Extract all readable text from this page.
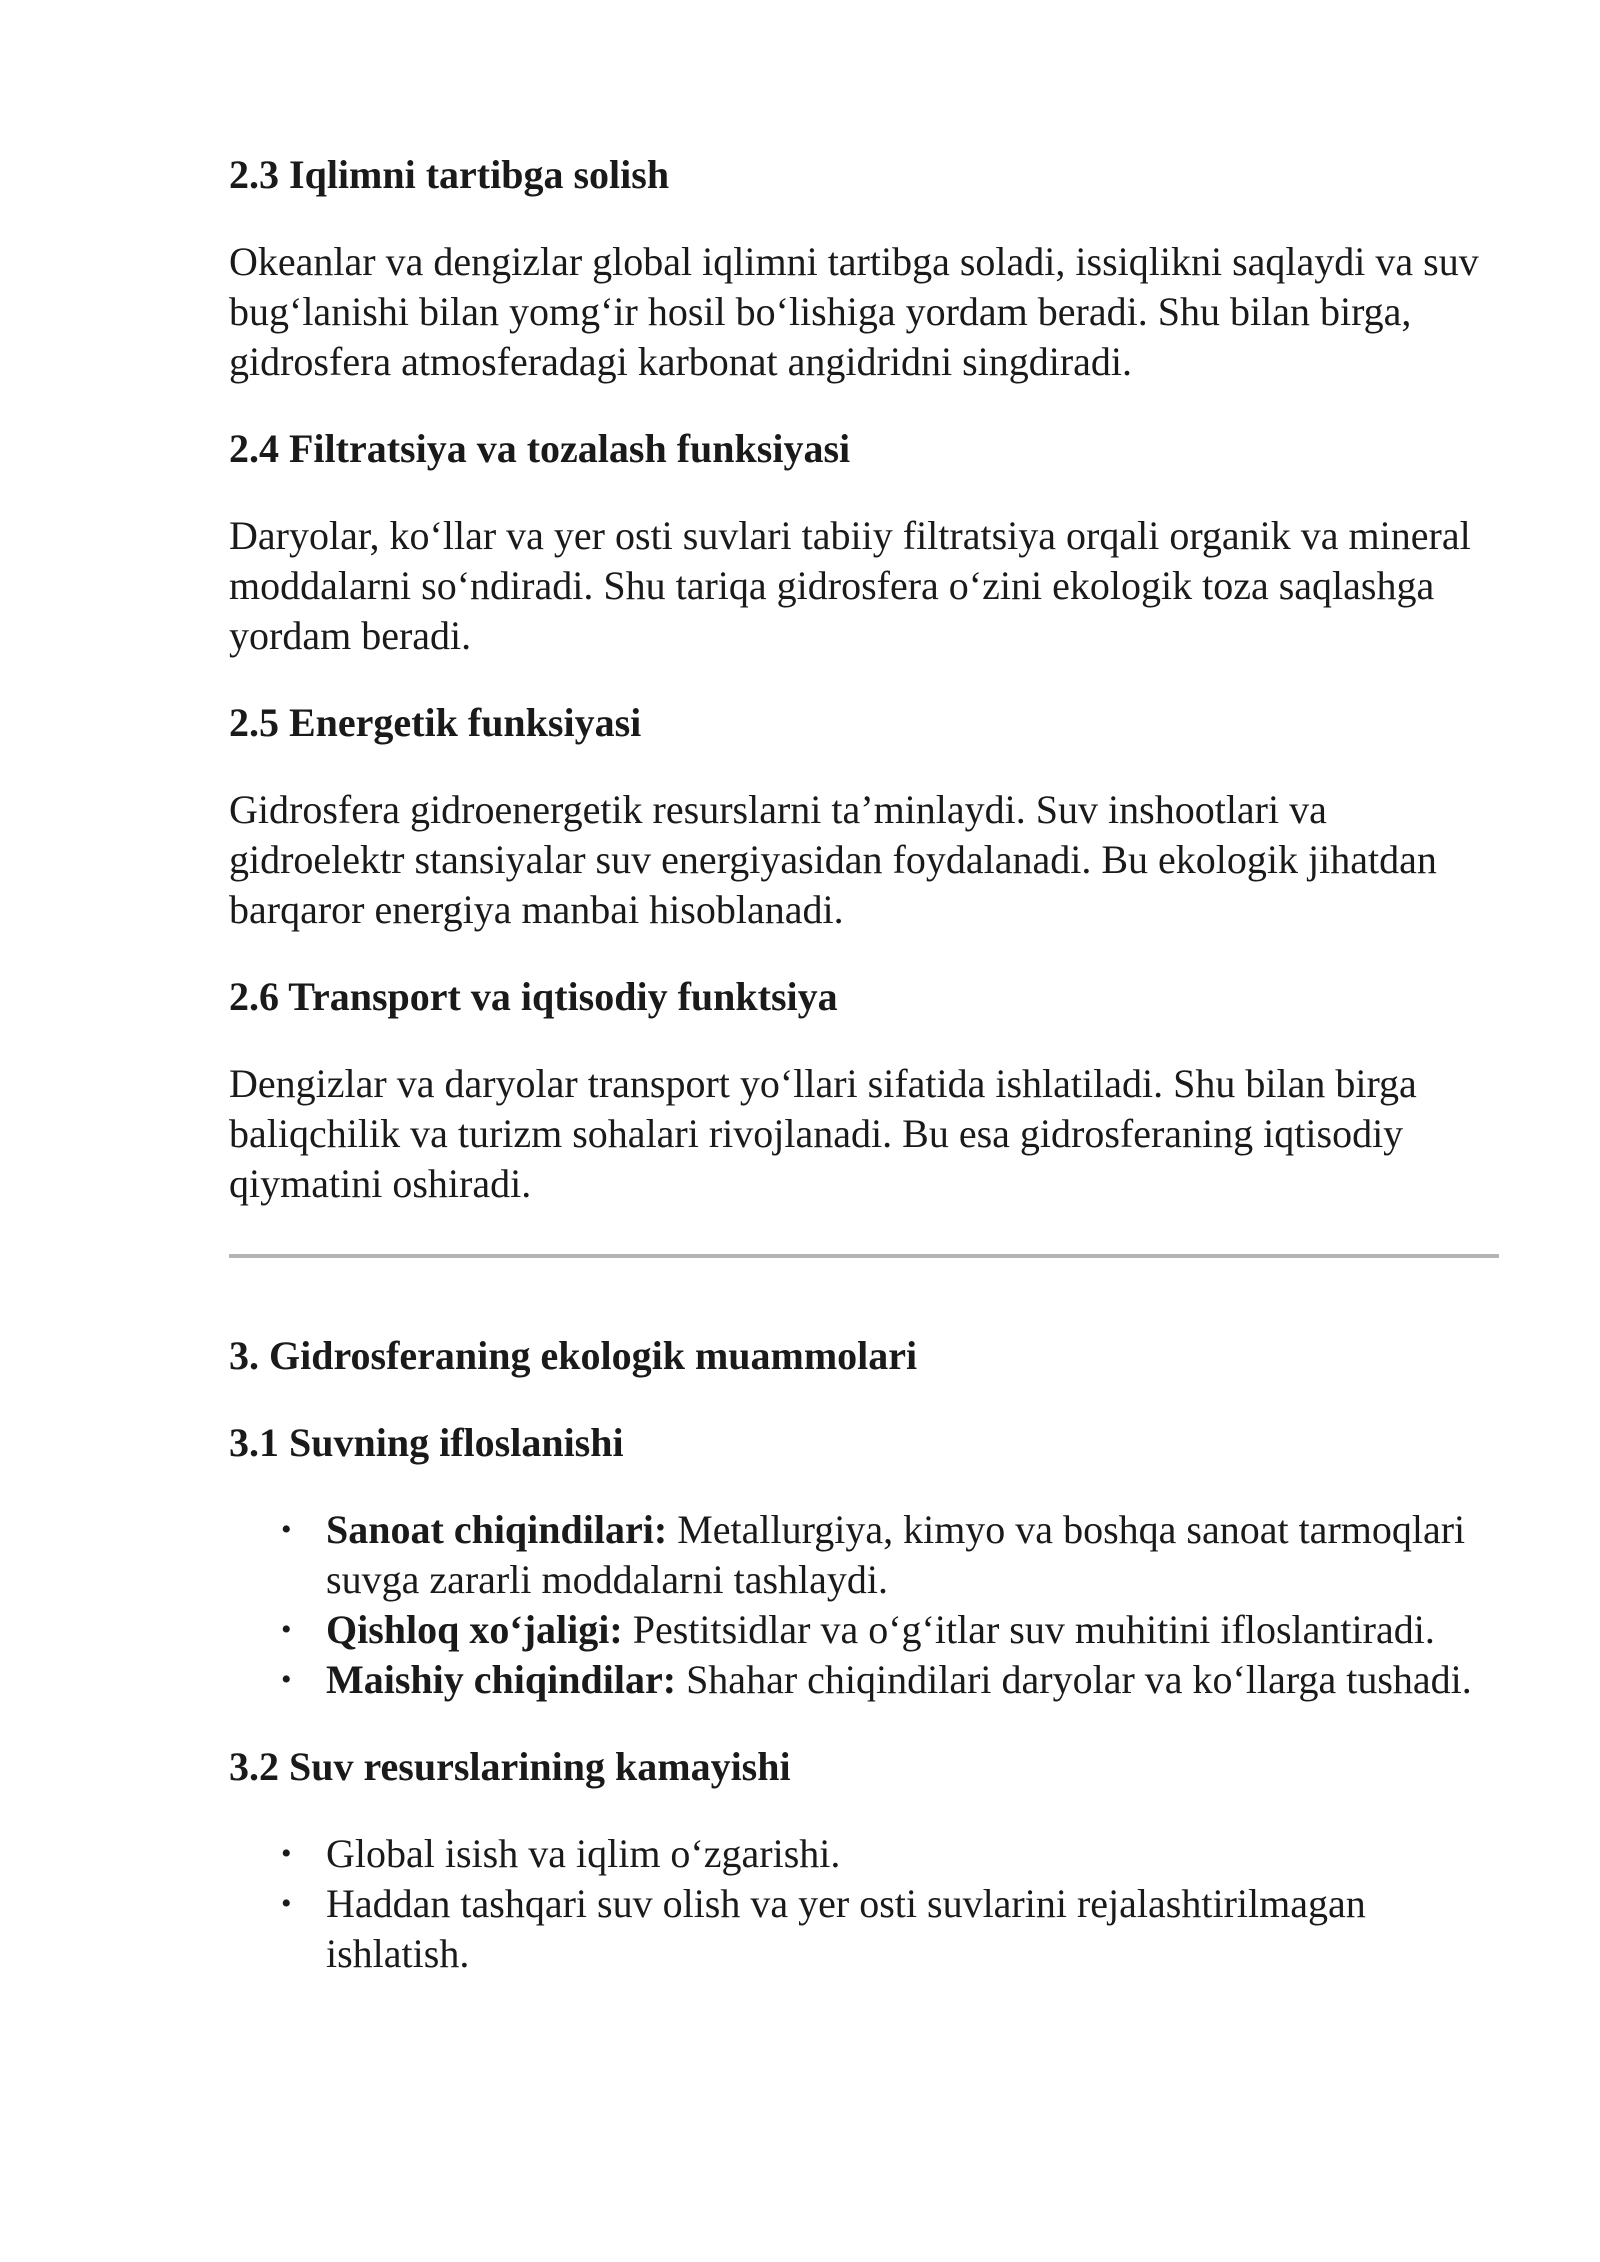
2.3 Iqlimni tartibga solish

Okeanlar va dengizlar global iqlimni tartibga soladi, issiqlikni saqlaydi va suv bug‘lanishi bilan yomg‘ir hosil bo‘lishiga yordam beradi. Shu bilan birga, gidrosfera atmosferadagi karbonat angidridni singdiradi.

2.4 Filtratsiya va tozalash funksiyasi

Daryolar, ko‘llar va yer osti suvlari tabiiy filtratsiya orqali organik va mineral moddalarni so‘ndiradi. Shu tariqa gidrosfera o‘zini ekologik toza saqlashga yordam beradi.

2.5 Energetik funksiyasi

Gidrosfera gidroenergetik resurslarni ta’minlaydi. Suv inshootlari va gidroelektr stansiyalar suv energiyasidan foydalanadi. Bu ekologik jihatdan barqaror energiya manbai hisoblanadi.

2.6 Transport va iqtisodiy funktsiya

Dengizlar va daryolar transport yo‘llari sifatida ishlatiladi. Shu bilan birga baliqchilik va turizm sohalari rivojlanadi. Bu esa gidrosferaning iqtisodiy qiymatini oshiradi.

3. Gidrosferaning ekologik muammolari
3.1 Suvning ifloslanishi
• Sanoat chiqindilari: Metallurgiya, kimyo va boshqa sanoat tarmoqlari suvga zararli moddalarni tashlaydi.
• Qishloq xo‘jaligi: Pestitsidlar va o‘g‘itlar suv muhitini ifloslantiradi.
• Maishiy chiqindilar: Shahar chiqindilari daryolar va ko‘llarga tushadi.
3.2 Suv resurslarining kamayishi
• Global isish va iqlim o‘zgarishi.
• Haddan tashqari suv olish va yer osti suvlarini rejalashtirilmagan ishlatish.
